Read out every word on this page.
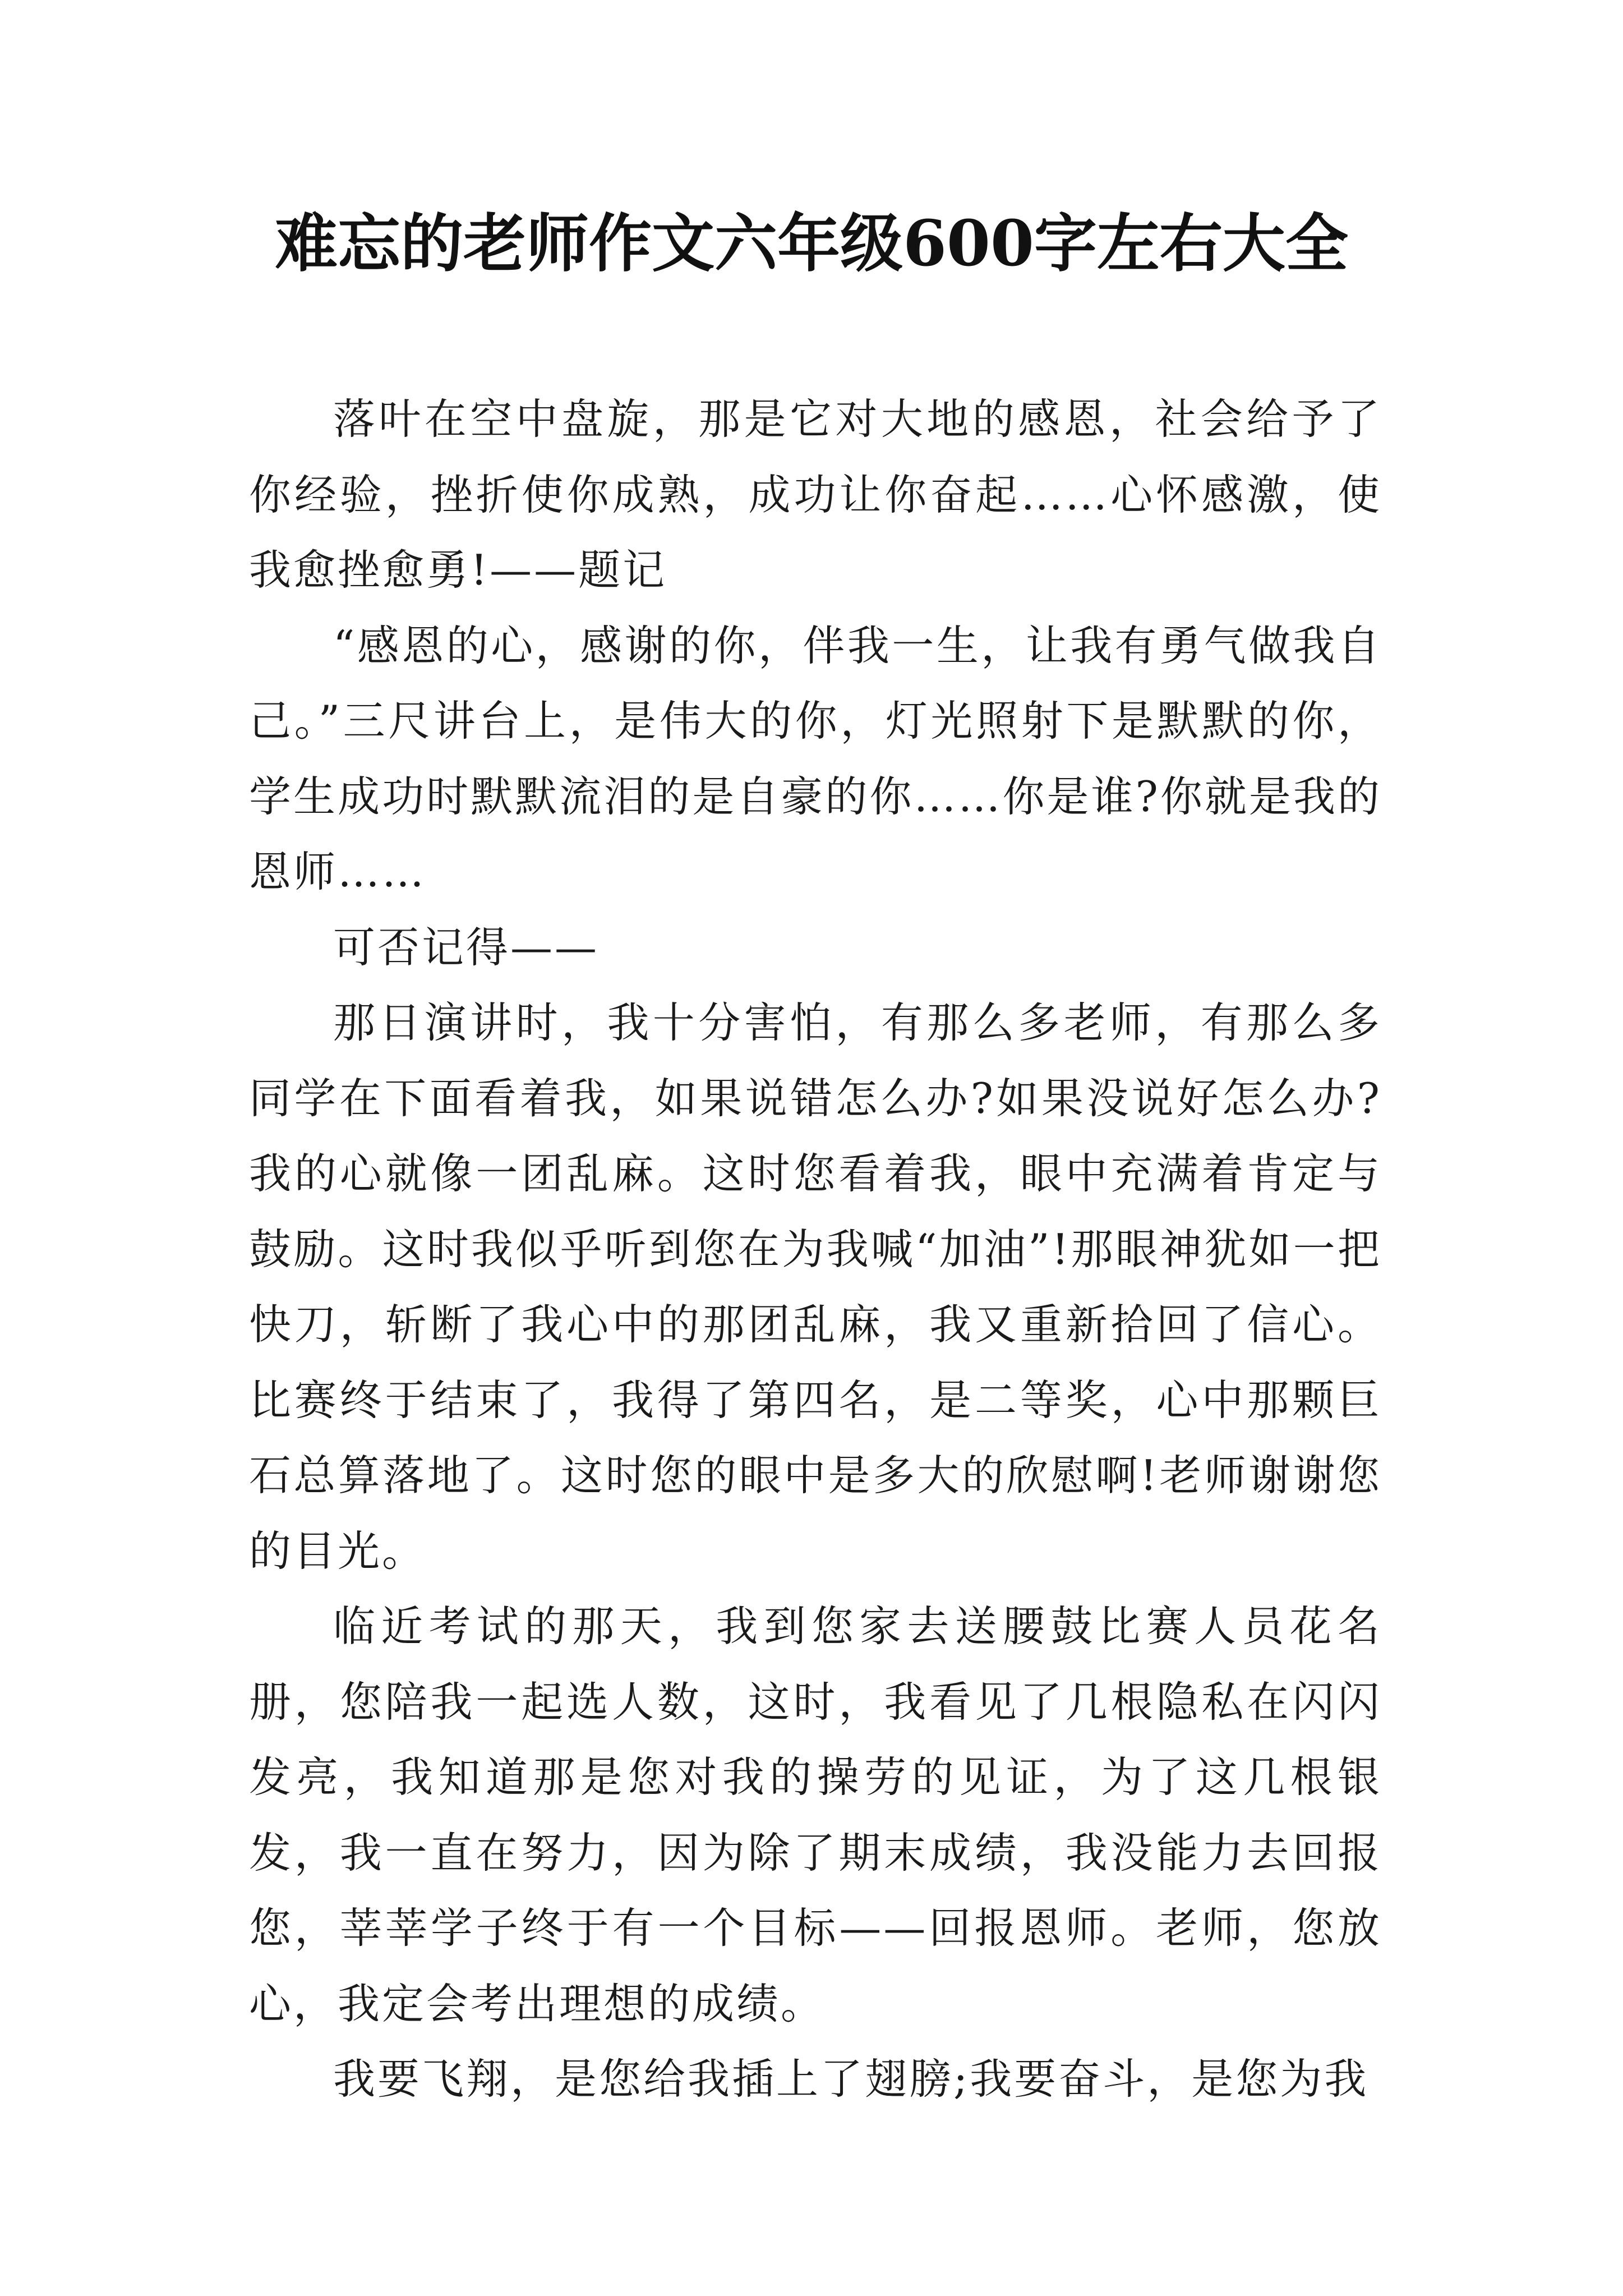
难忘的老师作文六年级600字左右大全

落叶在空中盘旋，那是它对大地的感恩，社会给予了你经验，挫折使你成熟，成功让你奋起……心怀感激，使我愈挫愈勇!——题记

“感恩的心，感谢的你，伴我一生，让我有勇气做我自己。”三尺讲台上，是伟大的你，灯光照射下是默默的你，学生成功时默默流泪的是自豪的你……你是谁?你就是我的恩师……

可否记得——

那日演讲时，我十分害怕，有那么多老师，有那么多同学在下面看着我，如果说错怎么办?如果没说好怎么办?我的心就像一团乱麻。这时您看着我，眼中充满着肯定与鼓励。这时我似乎听到您在为我喊“加油”!那眼神犹如一把快刀，斩断了我心中的那团乱麻，我又重新拾回了信心。比赛终于结束了，我得了第四名，是二等奖，心中那颗巨石总算落地了。这时您的眼中是多大的欣慰啊!老师谢谢您的目光。

临近考试的那天，我到您家去送腰鼓比赛人员花名册，您陪我一起选人数，这时，我看见了几根隐私在闪闪发亮，我知道那是您对我的操劳的见证，为了这几根银发，我一直在努力，因为除了期末成绩，我没能力去回报您，莘莘学子终于有一个目标——回报恩师。老师，您放心，我定会考出理想的成绩。

我要飞翔，是您给我插上了翅膀;我要奋斗，是您为我
